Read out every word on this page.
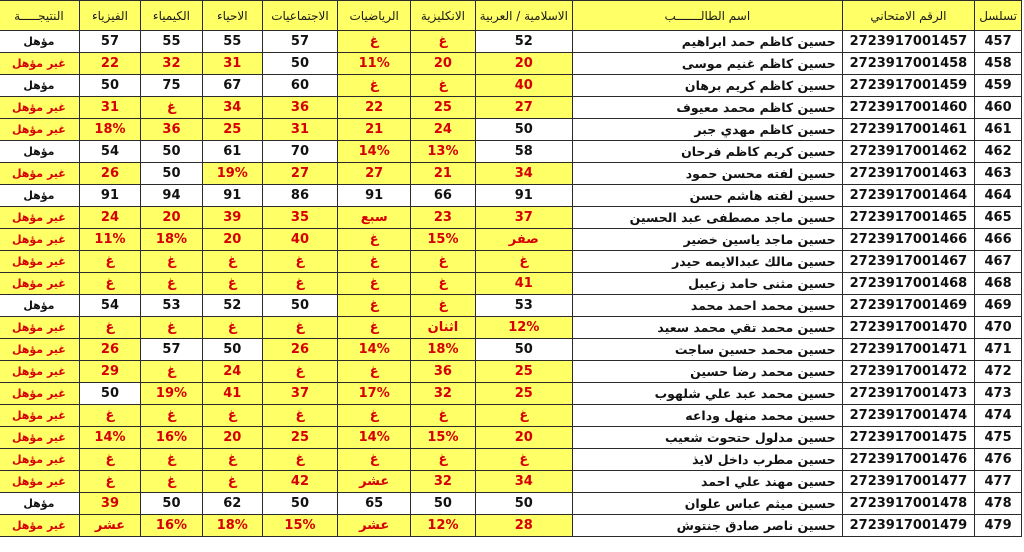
تسلسل	الرقم الامتحاني	اسم الطالـــــــب	الاسلامية / العربية	الانكليزية	الرياضيات	الاجتماعيات	الاحياء	الكيمياء	الفيزياء	النتيجـــــة
457	2723917001457	حسين كاظم حمد ابراهيم	52	غ	غ	57	55	55	57	مؤهل
458	2723917001458	حسين كاظم غنيم موسى	20	20	11%	50	31	32	22	غير مؤهل
459	2723917001459	حسين كاظم كريم برهان	40	غ	غ	60	67	75	50	مؤهل
460	2723917001460	حسين كاظم محمد معيوف	27	25	22	36	34	غ	31	غير مؤهل
461	2723917001461	حسين كاظم مهدي جبر	50	24	21	31	25	36	18%	غير مؤهل
462	2723917001462	حسين كريم كاظم فرحان	58	13%	14%	70	61	50	54	مؤهل
463	2723917001463	حسين لفته محسن حمود	34	21	27	27	19%	50	26	غير مؤهل
464	2723917001464	حسين لفته هاشم حسن	91	66	91	86	91	94	91	مؤهل
465	2723917001465	حسين ماجد مصطفى عبد الحسين	37	23	سبع	35	39	20	24	غير مؤهل
466	2723917001466	حسين ماجد ياسين خضير	صفر	15%	غ	40	20	18%	11%	غير مؤهل
467	2723917001467	حسين مالك عبدالايمه حيدر	غ	غ	غ	غ	غ	غ	غ	غير مؤهل
468	2723917001468	حسين مثنى حامد زعيبل	41	غ	غ	غ	غ	غ	غ	غير مؤهل
469	2723917001469	حسين محمد احمد محمد	53	غ	غ	50	52	53	54	مؤهل
470	2723917001470	حسين محمد تقي محمد سعيد	12%	اثنان	غ	غ	غ	غ	غ	غير مؤهل
471	2723917001471	حسين محمد حسين ساجت	50	18%	14%	26	50	57	26	غير مؤهل
472	2723917001472	حسين محمد رضا حسين	25	36	غ	غ	24	غ	29	غير مؤهل
473	2723917001473	حسين محمد عبد علي شلهوب	25	32	17%	37	41	19%	50	غير مؤهل
474	2723917001474	حسين محمد منهل وداعه	غ	غ	غ	غ	غ	غ	غ	غير مؤهل
475	2723917001475	حسين مدلول حتحوت شعيب	20	15%	14%	25	20	16%	14%	غير مؤهل
476	2723917001476	حسين مطرب داخل لايذ	غ	غ	غ	غ	غ	غ	غ	غير مؤهل
477	2723917001477	حسين مهند علي احمد	34	32	عشر	42	غ	غ	غ	غير مؤهل
478	2723917001478	حسين ميثم عباس علوان	50	50	65	50	62	50	39	مؤهل
479	2723917001479	حسين ناصر صادق جنتوش	28	12%	عشر	15%	18%	16%	عشر	غير مؤهل
